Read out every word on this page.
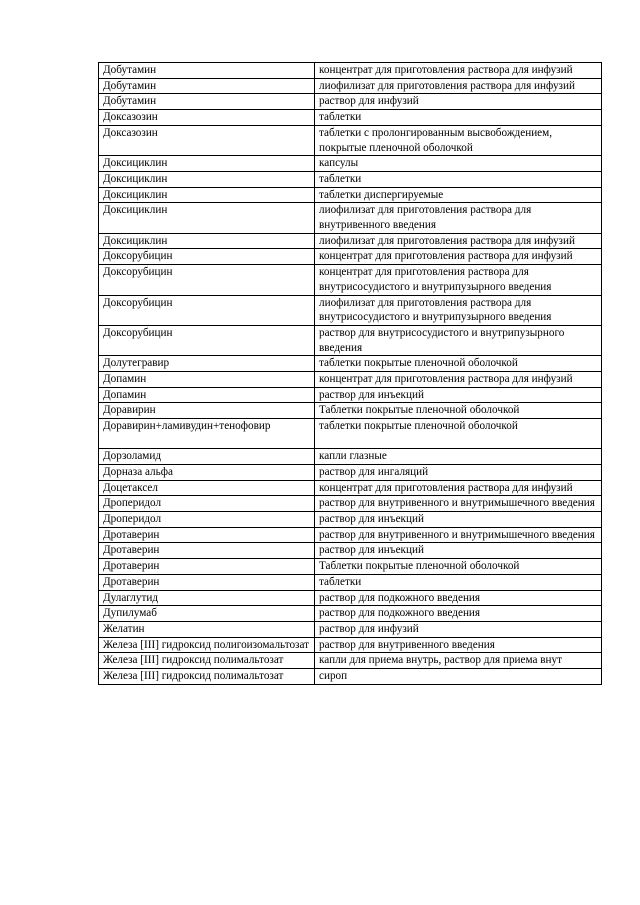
Добутамин	концентрат для приготовления раствора для инфузий
Добутамин	лиофилизат для приготовления раствора для инфузий
Добутамин	раствор для инфузий
Доксазозин	таблетки
Доксазозин	таблетки с пролонгированным высвобождением, покрытые пленочной оболочкой
Доксициклин	капсулы
Доксициклин	таблетки
Доксициклин	таблетки диспергируемые
Доксициклин	лиофилизат для приготовления раствора для внутривенного введения
Доксициклин	лиофилизат для приготовления раствора для инфузий
Доксорубицин	концентрат для приготовления раствора для инфузий
Доксорубицин	концентрат для приготовления раствора для внутрисосудистого и внутрипузырного введения
Доксорубицин	лиофилизат для приготовления раствора для внутрисосудистого и внутрипузырного введения
Доксорубицин	раствор для внутрисосудистого и внутрипузырного введения
Долутегравир	таблетки покрытые пленочной оболочкой
Допамин	концентрат для приготовления раствора для инфузий
Допамин	раствор для инъекций
Доравирин	Таблетки покрытые пленочной оболочкой
Доравирин+ламивудин+тенофовир	таблетки покрытые пленочной оболочкой
Дорзоламид	капли глазные
Дорназа альфа	раствор для ингаляций
Доцетаксел	концентрат для приготовления раствора для инфузий
Дроперидол	раствор для внутривенного и внутримышечного введения
Дроперидол	раствор для инъекций
Дротаверин	раствор для внутривенного и внутримышечного введения
Дротаверин	раствор для инъекций
Дротаверин	Таблетки покрытые пленочной оболочкой
Дротаверин	таблетки
Дулаглутид	раствор для подкожного введения
Дупилумаб	раствор для подкожного введения
Желатин	раствор для инфузий
Железа [III] гидроксид полигоизомальтозат	раствор для внутривенного введения
Железа [III] гидроксид полимальтозат	капли для приема внутрь, раствор для приема внут
Железа [III] гидроксид полимальтозат	сироп
